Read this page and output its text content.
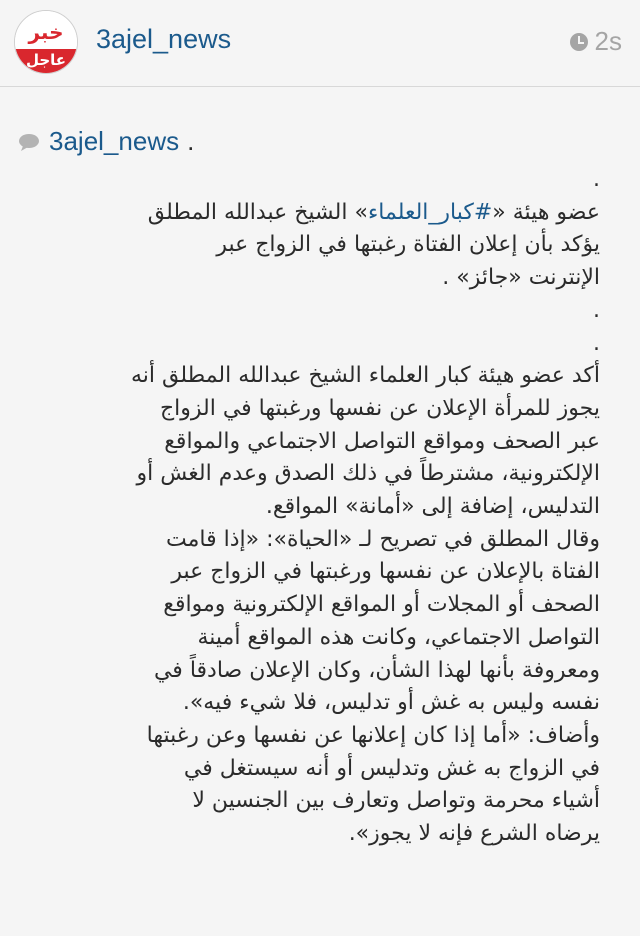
خبر
عاجل
3ajel_news	2s
3ajel_news .

.

عضو هيئة «#كبار_العلماء» الشيخ عبدالله المطلق

يؤكد بأن إعلان الفتاة رغبتها في الزواج عبر

الإنترنت «جائز» .

.

.

أكد عضو هيئة كبار العلماء الشيخ عبدالله المطلق أنه

يجوز للمرأة الإعلان عن نفسها ورغبتها في الزواج

عبر الصحف ومواقع التواصل الاجتماعي والمواقع

الإلكترونية، مشترطاً في ذلك الصدق وعدم الغش أو

التدليس، إضافة إلى «أمانة» المواقع.

وقال المطلق في تصريح لـ «الحياة»: «إذا قامت

الفتاة بالإعلان عن نفسها ورغبتها في الزواج عبر

الصحف أو المجلات أو المواقع الإلكترونية ومواقع

التواصل الاجتماعي، وكانت هذه المواقع أمينة

ومعروفة بأنها لهذا الشأن، وكان الإعلان صادقاً في

نفسه وليس به غش أو تدليس، فلا شيء فيه».

وأضاف: «أما إذا كان إعلانها عن نفسها وعن رغبتها

في الزواج به غش وتدليس أو أنه سيستغل في

أشياء محرمة وتواصل وتعارف بين الجنسين لا

يرضاه الشرع فإنه لا يجوز».
